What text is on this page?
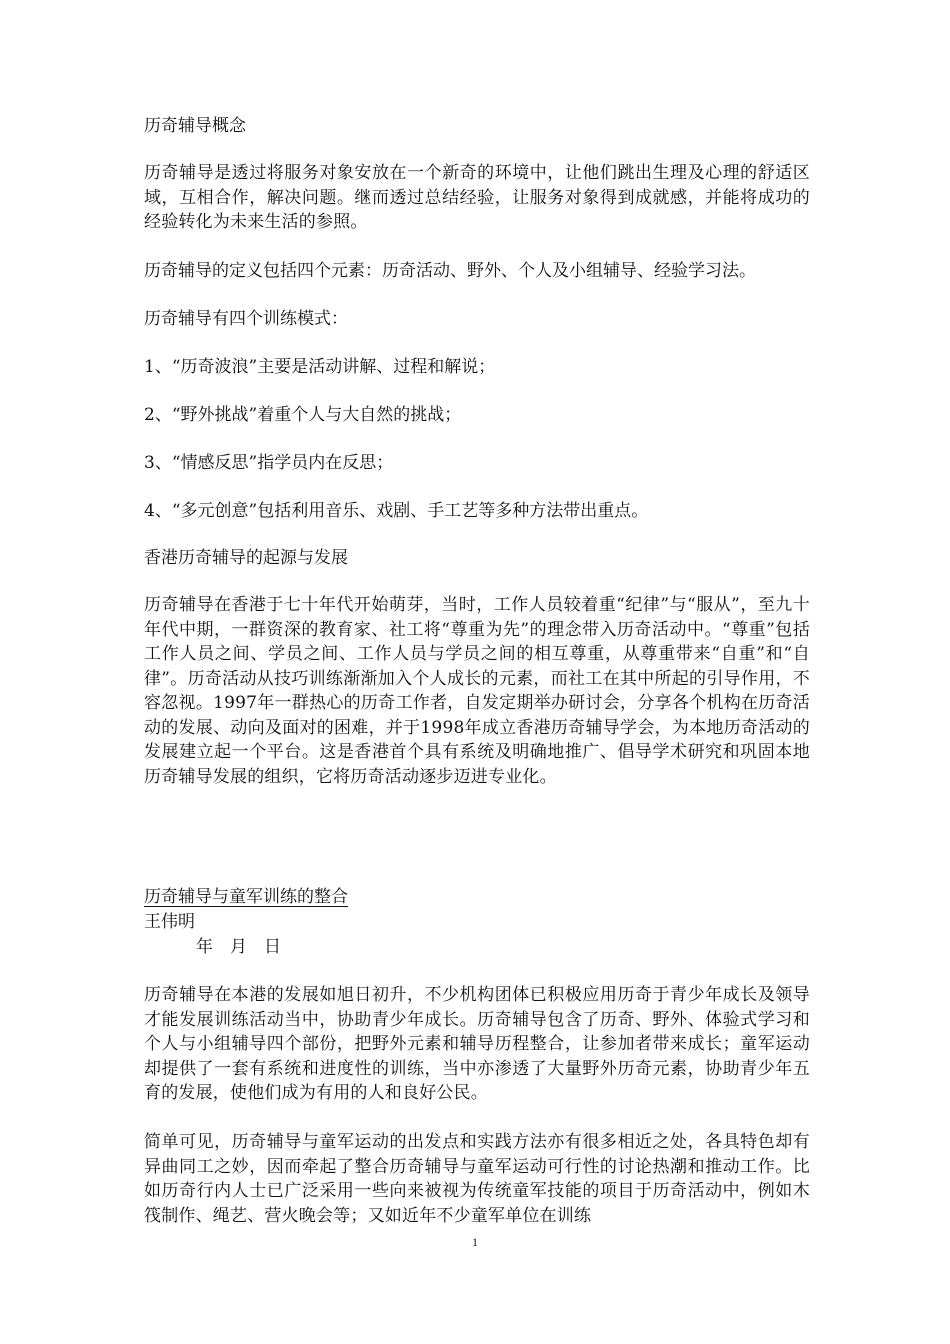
历奇辅导概念

历奇辅导是透过将服务对象安放在一个新奇的环境中，让他们跳出生理及心理的舒适区域，互相合作，解决问题。继而透过总结经验，让服务对象得到成就感，并能将成功的经验转化为未来生活的参照。

历奇辅导的定义包括四个元素：历奇活动、野外、个人及小组辅导、经验学习法。

历奇辅导有四个训练模式：

1、“历奇波浪”主要是活动讲解、过程和解说；

2、“野外挑战”着重个人与大自然的挑战；

3、“情感反思”指学员内在反思；

4、“多元创意”包括利用音乐、戏剧、手工艺等多种方法带出重点。

香港历奇辅导的起源与发展

历奇辅导在香港于七十年代开始萌芽，当时，工作人员较着重“纪律”与“服从”，至九十年代中期，一群资深的教育家、社工将“尊重为先”的理念带入历奇活动中。“尊重”包括工作人员之间、学员之间、工作人员与学员之间的相互尊重，从尊重带来“自重”和“自律”。历奇活动从技巧训练渐渐加入个人成长的元素，而社工在其中所起的引导作用，不容忽视。1997年一群热心的历奇工作者，自发定期举办研讨会，分享各个机构在历奇活动的发展、动向及面对的困难，并于1998年成立香港历奇辅导学会，为本地历奇活动的发展建立起一个平台。这是香港首个具有系统及明确地推广、倡导学术研究和巩固本地历奇辅导发展的组织，它将历奇活动逐步迈进专业化。

历奇辅导与童军训练的整合

王伟明

年　月　日

历奇辅导在本港的发展如旭日初升，不少机构团体已积极应用历奇于青少年成长及领导才能发展训练活动当中，协助青少年成长。历奇辅导包含了历奇、野外、体验式学习和个人与小组辅导四个部份，把野外元素和辅导历程整合，让参加者带来成长；童军运动却提供了一套有系统和进度性的训练，当中亦渗透了大量野外历奇元素，协助青少年五育的发展，使他们成为有用的人和良好公民。

简单可见，历奇辅导与童军运动的出发点和实践方法亦有很多相近之处，各具特色却有异曲同工之妙，因而牵起了整合历奇辅导与童军运动可行性的讨论热潮和推动工作。比如历奇行内人士已广泛采用一些向来被视为传统童军技能的项目于历奇活动中，例如木筏制作、绳艺、营火晚会等；又如近年不少童军单位在训练

1
